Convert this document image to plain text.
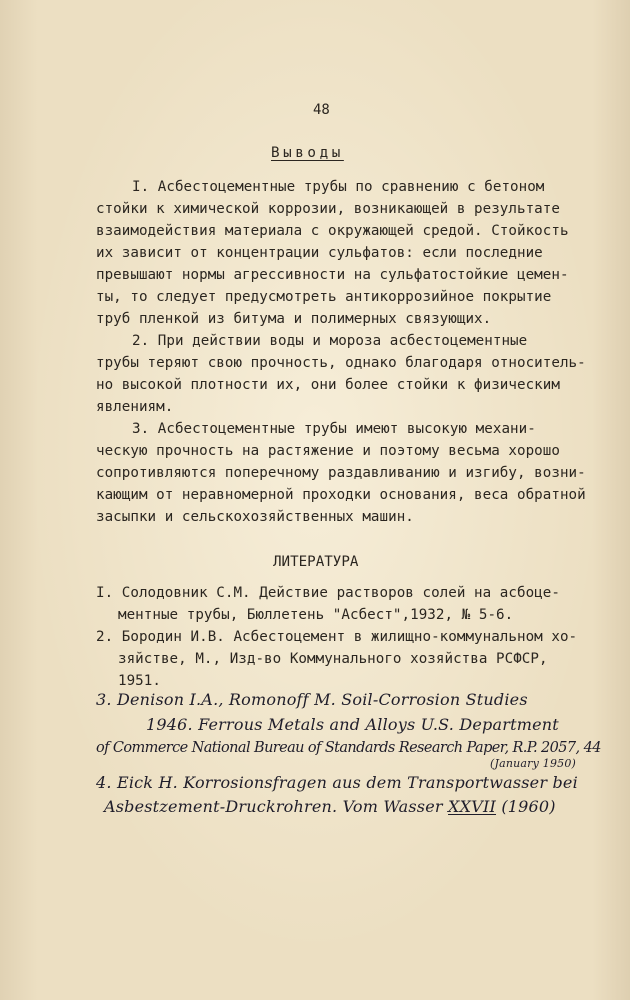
48
Выводы
I. Асбестоцементные трубы по сравнению с бетоном
стойки к химической коррозии, возникающей в результате
взаимодействия материала с окружающей средой. Стойкость
их зависит от концентрации сульфатов: если последние
превышают нормы агрессивности на сульфатостойкие цемен-
ты, то следует предусмотреть антикоррозийное покрытие
труб пленкой из битума и полимерных связующих.
2. При действии воды и мороза асбестоцементные
трубы теряют свою прочность, однако благодаря относитель-
но высокой плотности их, они более стойки к физическим
явлениям.
3. Асбестоцементные трубы имеют высокую механи-
ческую прочность на растяжение и поэтому весьма хорошо
сопротивляются поперечному раздавливанию и изгибу, возни-
кающим от неравномерной проходки основания, веса обратной
засыпки и сельскохозяйственных машин.
ЛИТЕРАТУРА
I. Солодовник С.М. Действие растворов солей на асбоце-
ментные трубы, Бюллетень "Асбест",1932, № 5-6.
2. Бородин И.В. Асбестоцемент в жилищно-коммунальном хо-
зяйстве, М., Изд-во Коммунального хозяйства РСФСР,
1951.
3. Denison I.A., Romonoff M. Soil-Corrosion Studies
1946. Ferrous Metals and Alloys U.S. Department
of Commerce National Bureau of Standards Research Paper, R.P. 2057, 44
(January 1950)
4. Eick H. Korrosionsfragen aus dem Transportwasser bei
Asbestzement-Druckrohren. Vom Wasser XXVII (1960)
